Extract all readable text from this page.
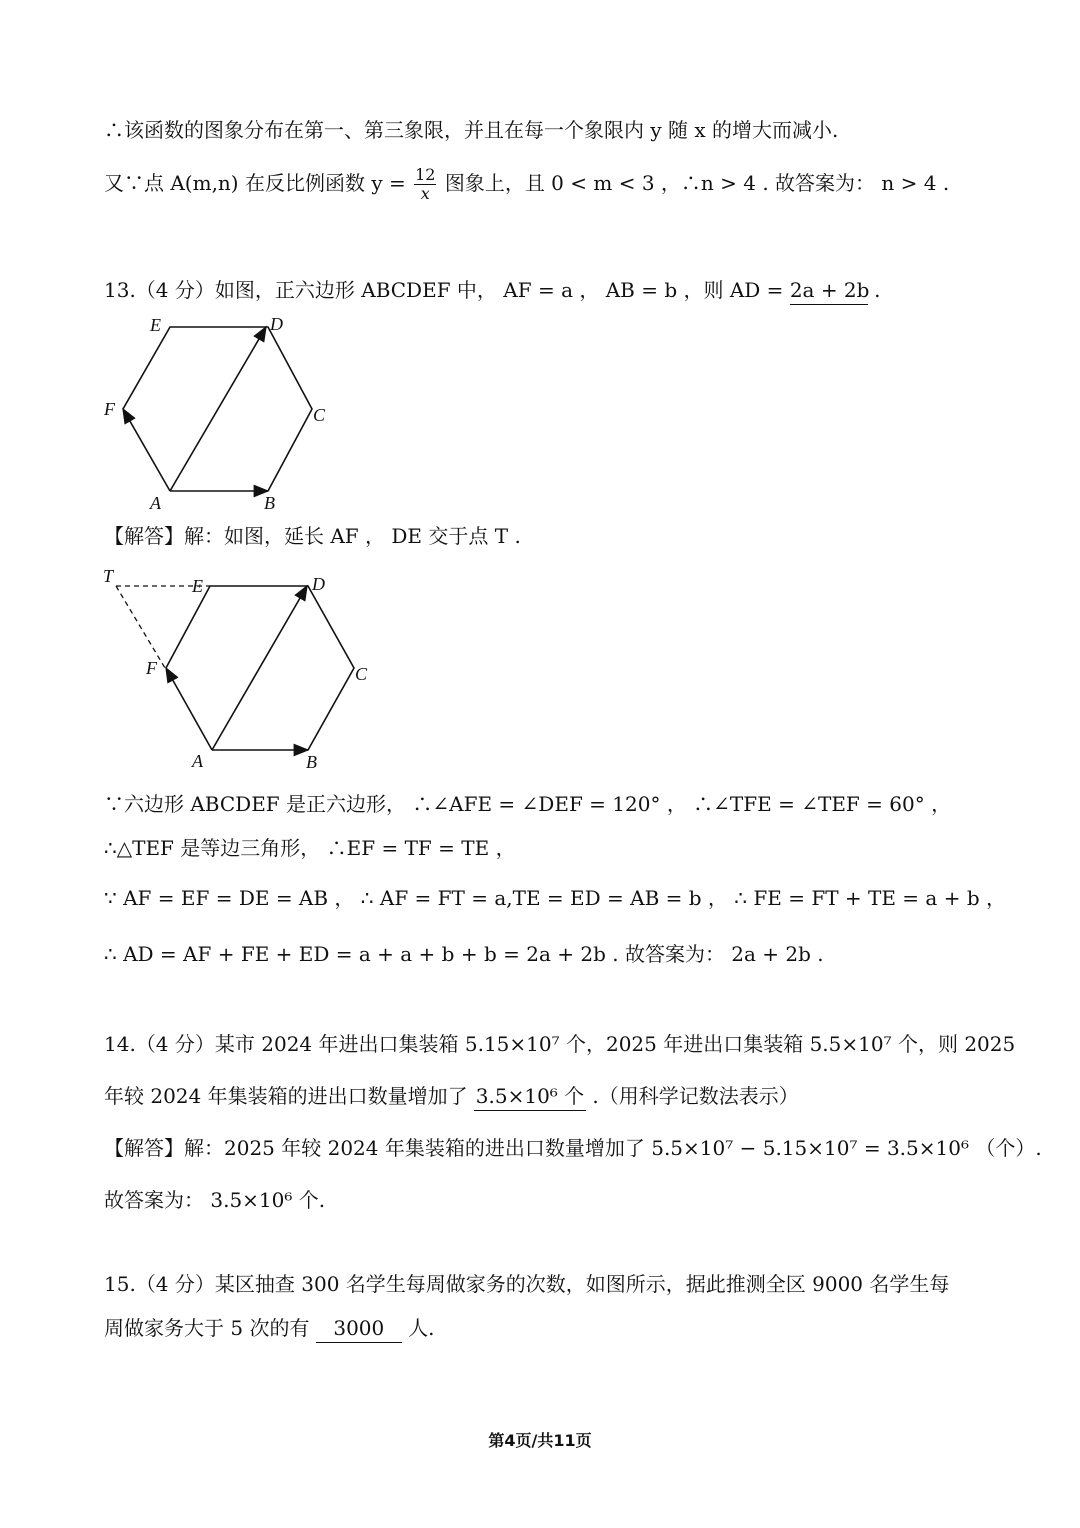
∴该函数的图象分布在第一、第三象限，并且在每一个象限内 y 随 x 的增大而减小.
又∵点 A(m,n) 在反比例函数 $y = \frac{12}{x}$ 图象上，且 0 < m < 3 ，∴n > 4 . 故答案为： n > 4 .
13.（4 分）如图，正六边形 ABCDEF 中， AF = a ， AB = b ，则 AD = 2a + 2b .
A	B
C
D
E
F
【解答】解：如图，延长 AF ， DE 交于点 T .
A	B
C
D
E
F
T
∵六边形 ABCDEF 是正六边形， ∴∠AFE = ∠DEF = 120° ， ∴∠TFE = ∠TEF = 60° ，
∴△TEF 是等边三角形， ∴EF = TF = TE ，
∵ AF = EF = DE = AB ， ∴ AF = FT = a,TE = ED = AB = b ， ∴ FE = FT + TE = a + b ，
∴ AD = AF + FE + ED = a + a + b + b = 2a + 2b . 故答案为： 2a + 2b .
14.（4 分）某市 2024 年进出口集装箱 5.15×10⁷ 个，2025 年进出口集装箱 5.5×10⁷ 个，则 2025
年较 2024 年集装箱的进出口数量增加了 3.5×10⁶ 个 .（用科学记数法表示）
【解答】解：2025 年较 2024 年集装箱的进出口数量增加了 5.5×10⁷ − 5.15×10⁷ = 3.5×10⁶ （个）.
故答案为： 3.5×10⁶ 个.
15.（4 分）某区抽查 300 名学生每周做家务的次数，如图所示，据此推测全区 9000 名学生每
周做家务大于 5 次的有 3000 人.
第4页/共11页
